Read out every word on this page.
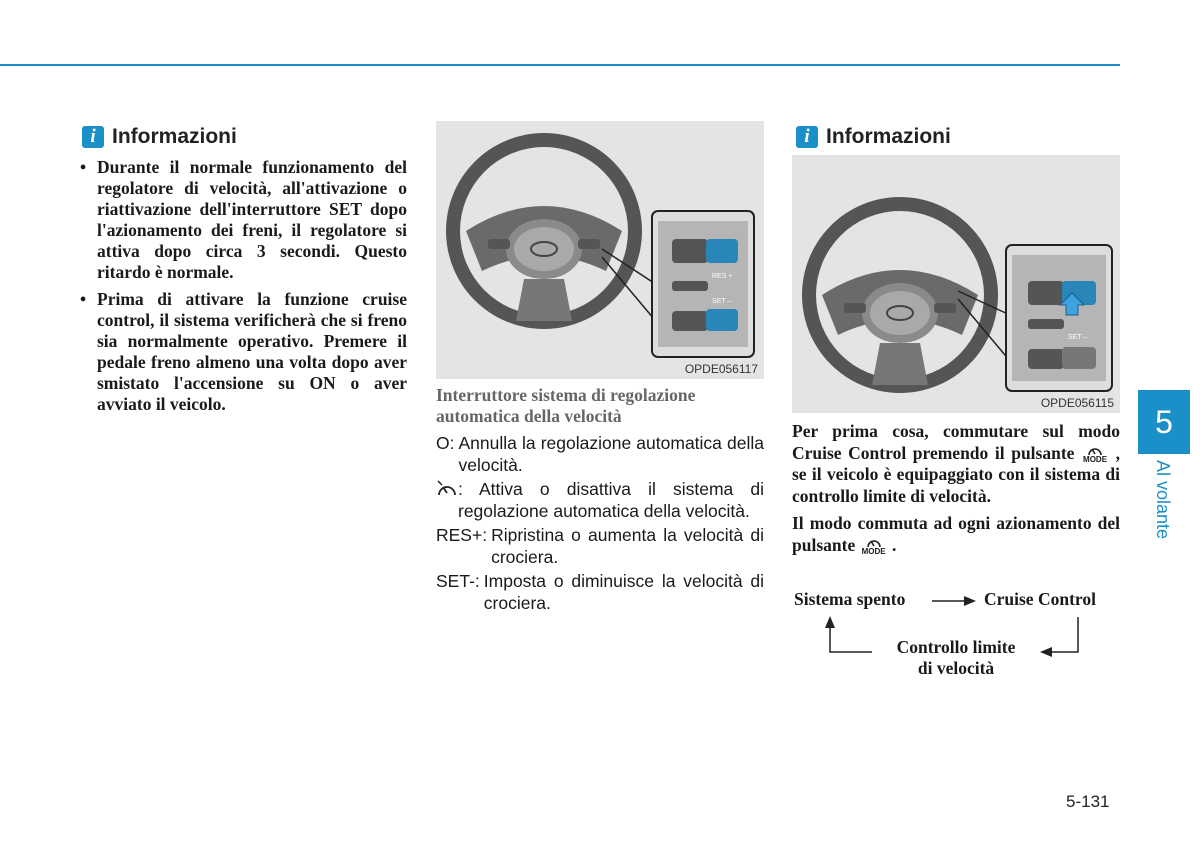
i Informazioni
• Durante il normale funzionamento del regolatore di velocità, all'attivazione o riattivazione dell'interruttore SET dopo l'azionamento dei freni, il regolatore si attiva dopo circa 3 secondi. Questo ritardo è normale.
• Prima di attivare la funzione cruise control, il sistema verificherà che si freno sia normalmente operativo. Premere il pedale freno almeno una volta dopo aver smistato l'accensione su ON o aver avviato il veicolo.
RES +
SET –
OPDE056117
Interruttore sistema di regolazione automatica della velocità
O: Annulla la regolazione automatica della velocità.
: Attiva o disattiva il sistema di regolazione automatica della velocità.
RES+: Ripristina o aumenta la velocità di crociera.
SET-: Imposta o diminuisce la velocità di crociera.
i Informazioni
SET –
OPDE056115
Per prima cosa, commutare sul modo Cruise Control premendo il pulsante MODE , se il veicolo è equipaggiato con il sistema di controllo limite di velocità.
Il modo commuta ad ogni azionamento del pulsante MODE .
Sistema spento	Cruise Control
Controllo limite
di velocità
5
Al volante
5-131
